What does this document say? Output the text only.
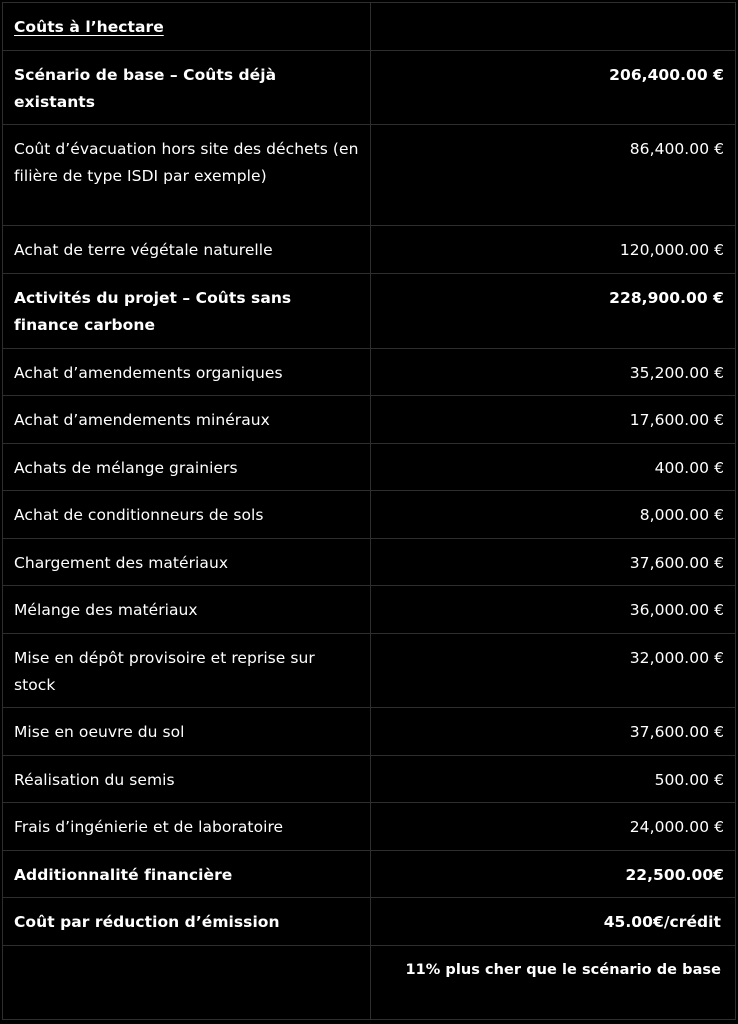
Coûts à l’hectare	
Scénario de base – Coûts déjà existants	206,400.00 €
Coût d’évacuation hors site des déchets (en filière de type ISDI par exemple)	86,400.00 €
Achat de terre végétale naturelle	120,000.00 €
Activités du projet – Coûts sans finance carbone	228,900.00 €
Achat d’amendements organiques	35,200.00 €
Achat d’amendements minéraux	17,600.00 €
Achats de mélange grainiers	400.00 €
Achat de conditionneurs de sols	8,000.00 €
Chargement des matériaux	37,600.00 €
Mélange des matériaux	36,000.00 €
Mise en dépôt provisoire et reprise sur stock	32,000.00 €
Mise en oeuvre du sol	37,600.00 €
Réalisation du semis	500.00 €
Frais d’ingénierie et de laboratoire	24,000.00 €
Additionnalité financière	22,500.00€
Coût par réduction d’émission	45.00€/crédit
	11% plus cher que le scénario de base
